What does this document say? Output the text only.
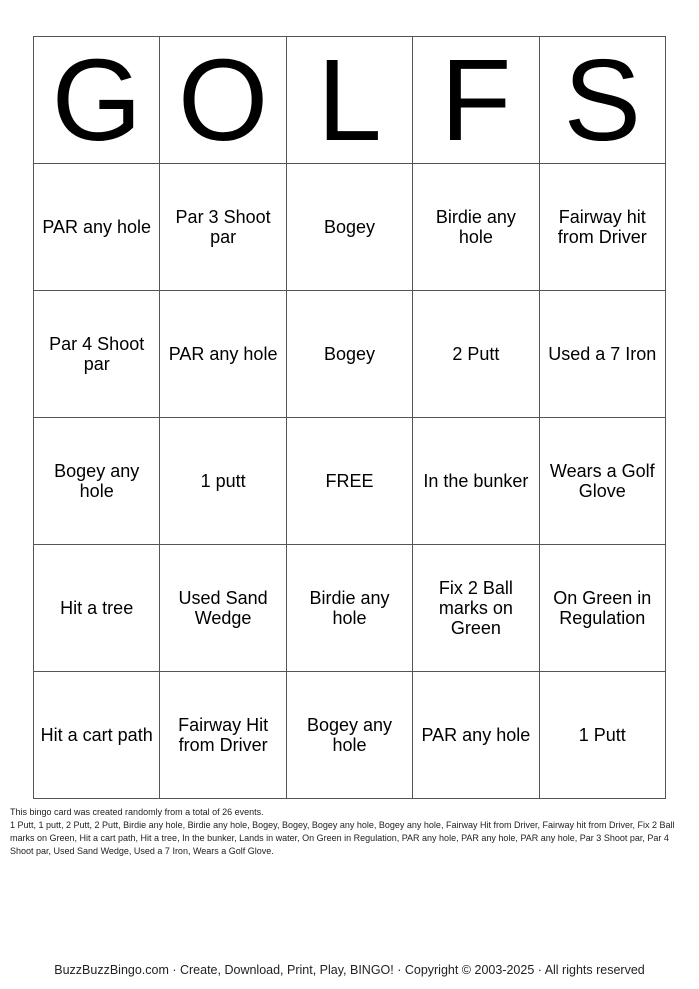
G	O	L	F	S
PAR any hole	Par 3 Shoot par	Bogey	Birdie any hole	Fairway hit from Driver
Par 4 Shoot par	PAR any hole	Bogey	2 Putt	Used a 7 Iron
Bogey any hole	1 putt	FREE	In the bunker	Wears a Golf Glove
Hit a tree	Used Sand Wedge	Birdie any hole	Fix 2 Ball marks on Green	On Green in Regulation
Hit a cart path	Fairway Hit from Driver	Bogey any hole	PAR any hole	1 Putt

This bingo card was created randomly from a total of 26 events.

1 Putt, 1 putt, 2 Putt, 2 Putt, Birdie any hole, Birdie any hole, Bogey, Bogey, Bogey any hole, Bogey any hole, Fairway Hit from Driver, Fairway hit from Driver, Fix 2 Ball marks on Green, Hit a cart path, Hit a tree, In the bunker, Lands in water, On Green in Regulation, PAR any hole, PAR any hole, PAR any hole, Par 3 Shoot par, Par 4 Shoot par, Used Sand Wedge, Used a 7 Iron, Wears a Golf Glove.

BuzzBuzzBingo.com · Create, Download, Print, Play, BINGO! · Copyright © 2003-2025 · All rights reserved
